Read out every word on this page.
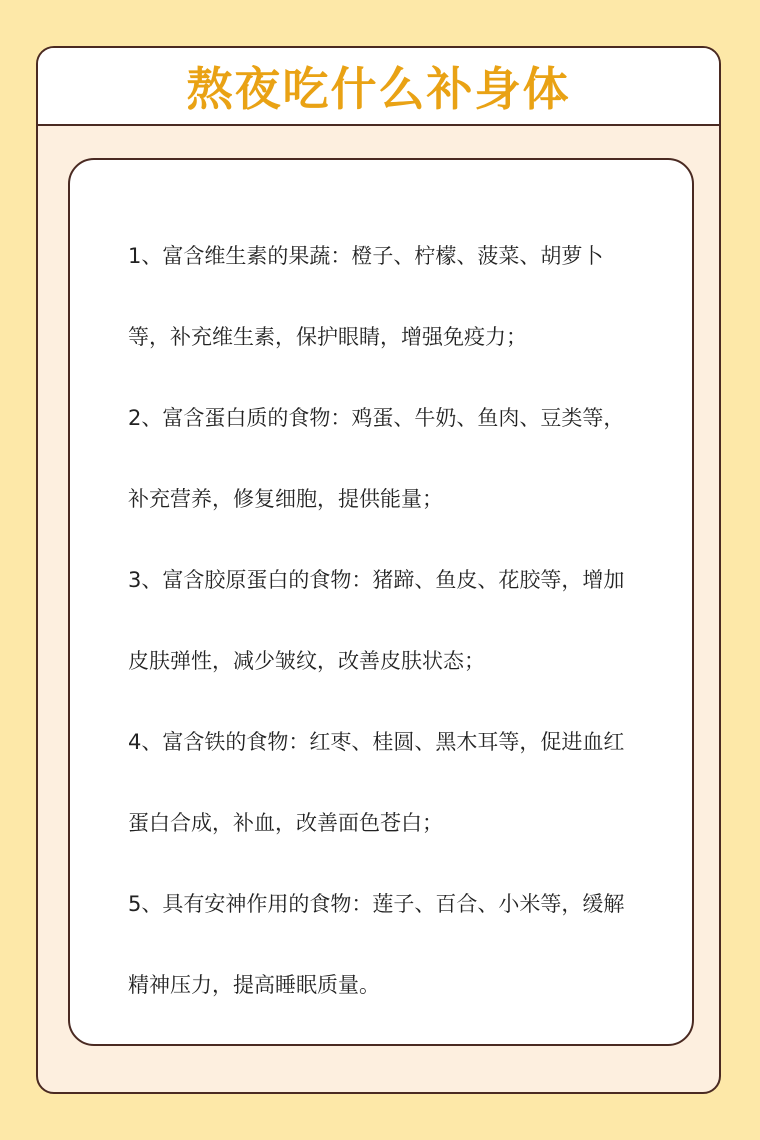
熬夜吃什么补身体
1、富含维生素的果蔬：橙子、柠檬、菠菜、胡萝卜等，补充维生素，保护眼睛，增强免疫力；
2、富含蛋白质的食物：鸡蛋、牛奶、鱼肉、豆类等，补充营养，修复细胞，提供能量；
3、富含胶原蛋白的食物：猪蹄、鱼皮、花胶等，增加皮肤弹性，减少皱纹，改善皮肤状态；
4、富含铁的食物：红枣、桂圆、黑木耳等，促进血红蛋白合成，补血，改善面色苍白；
5、具有安神作用的食物：莲子、百合、小米等，缓解精神压力，提高睡眠质量。
